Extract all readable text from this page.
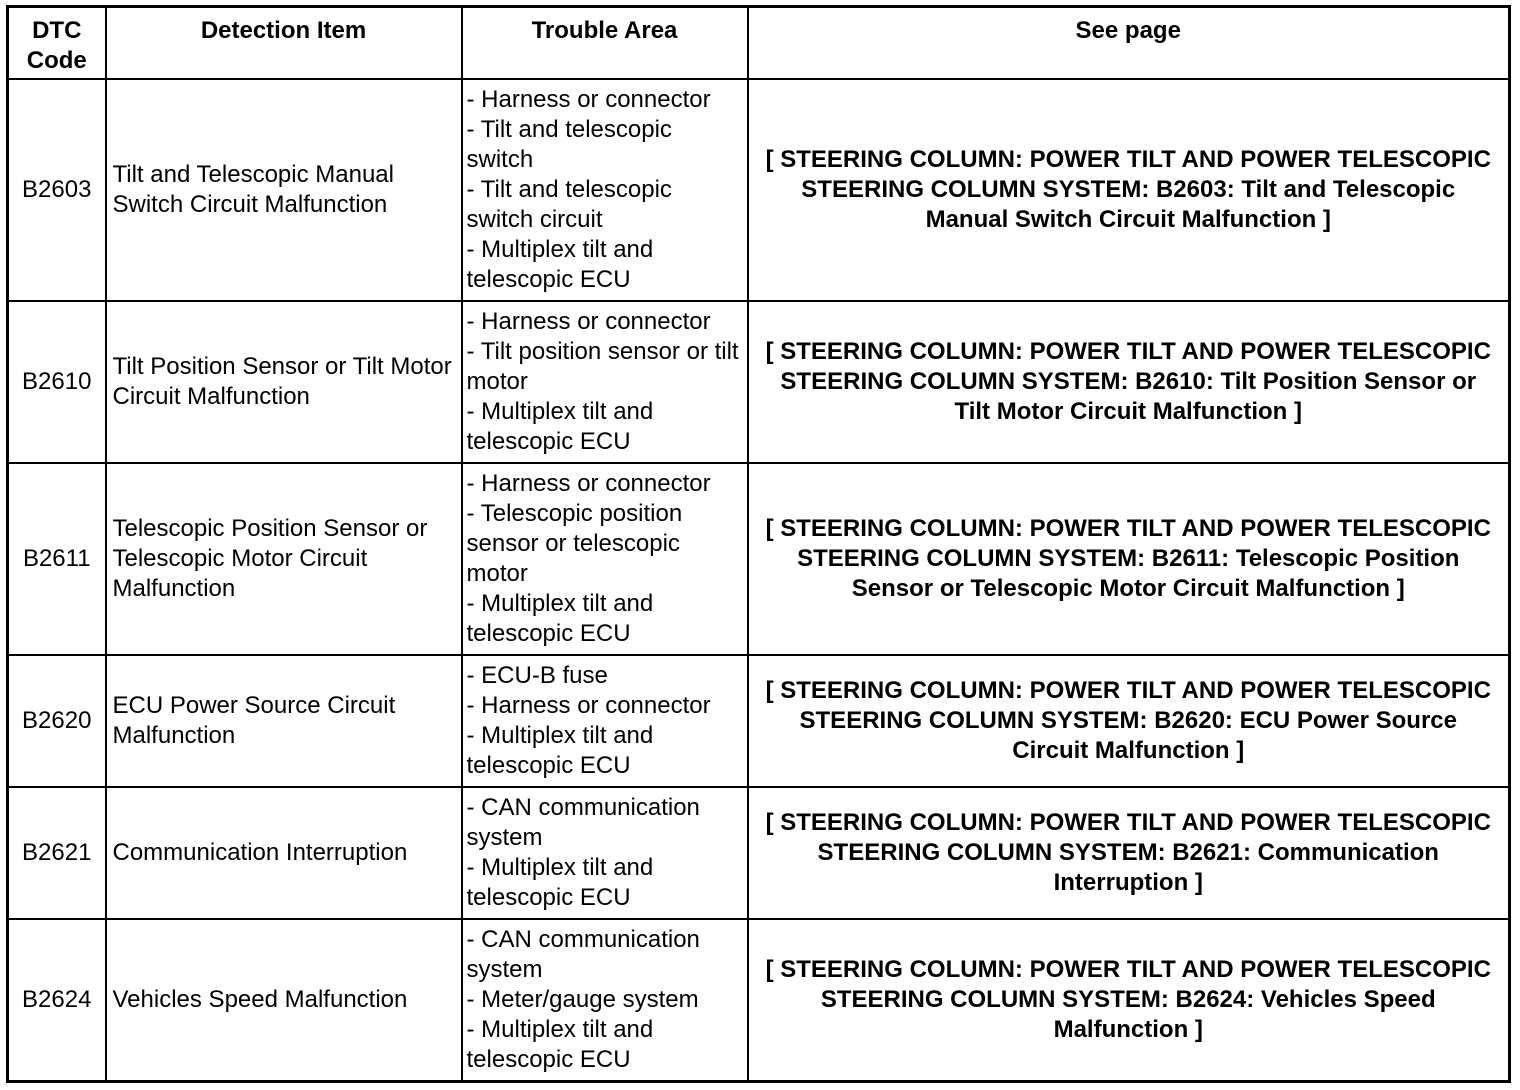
DTC Code	Detection Item	Trouble Area	See page
B2603	Tilt and Telescopic Manual Switch Circuit Malfunction	- Harness or connector
- Tilt and telescopic switch
- Tilt and telescopic switch circuit
- Multiplex tilt and telescopic ECU	[ STEERING COLUMN: POWER TILT AND POWER TELESCOPIC STEERING COLUMN SYSTEM: B2603: Tilt and Telescopic Manual Switch Circuit Malfunction ]
B2610	Tilt Position Sensor or Tilt Motor Circuit Malfunction	- Harness or connector
- Tilt position sensor or tilt motor
- Multiplex tilt and telescopic ECU	[ STEERING COLUMN: POWER TILT AND POWER TELESCOPIC STEERING COLUMN SYSTEM: B2610: Tilt Position Sensor or Tilt Motor Circuit Malfunction ]
B2611	Telescopic Position Sensor or Telescopic Motor Circuit Malfunction	- Harness or connector
- Telescopic position sensor or telescopic motor
- Multiplex tilt and telescopic ECU	[ STEERING COLUMN: POWER TILT AND POWER TELESCOPIC STEERING COLUMN SYSTEM: B2611: Telescopic Position Sensor or Telescopic Motor Circuit Malfunction ]
B2620	ECU Power Source Circuit Malfunction	- ECU-B fuse
- Harness or connector
- Multiplex tilt and telescopic ECU	[ STEERING COLUMN: POWER TILT AND POWER TELESCOPIC STEERING COLUMN SYSTEM: B2620: ECU Power Source Circuit Malfunction ]
B2621	Communication Interruption	- CAN communication system
- Multiplex tilt and telescopic ECU	[ STEERING COLUMN: POWER TILT AND POWER TELESCOPIC STEERING COLUMN SYSTEM: B2621: Communication Interruption ]
B2624	Vehicles Speed Malfunction	- CAN communication system
- Meter/gauge system
- Multiplex tilt and telescopic ECU	[ STEERING COLUMN: POWER TILT AND POWER TELESCOPIC STEERING COLUMN SYSTEM: B2624: Vehicles Speed Malfunction ]
